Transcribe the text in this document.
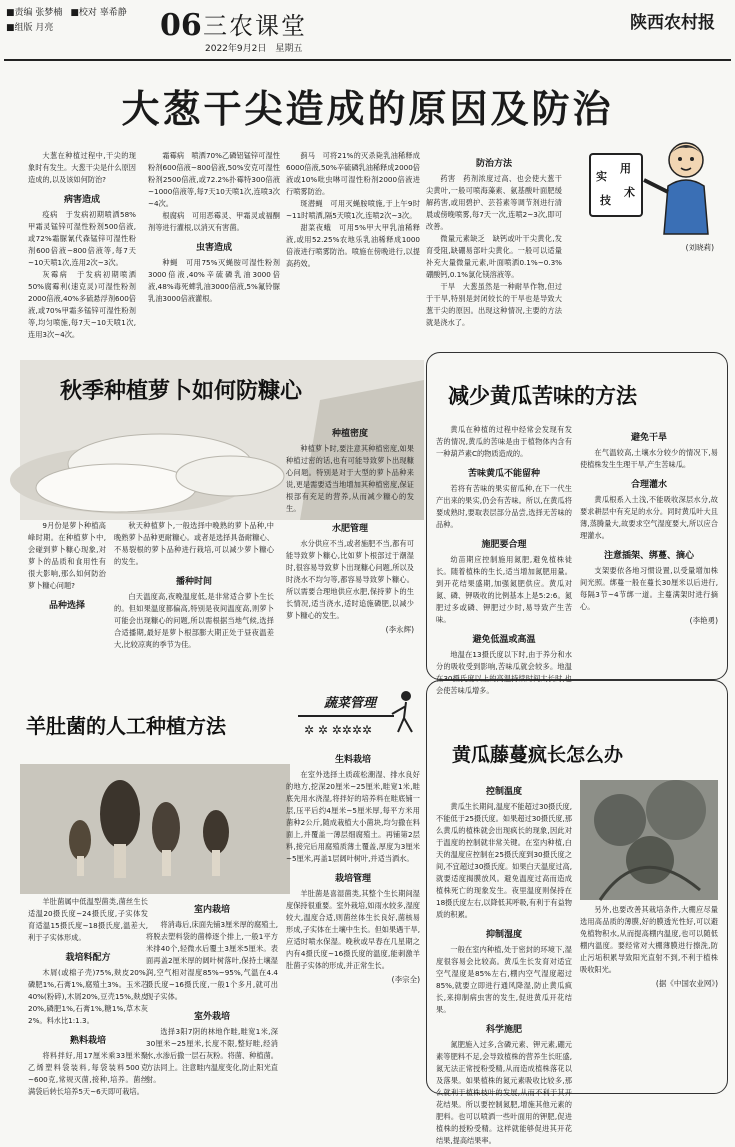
■责编 张梦楠 ■校对 辜希静
■组版 月亮	06 三农课堂
2022年9月2日　星期五
陕西农村报
大葱干尖造成的原因及防治

大葱在种植过程中,干尖的现象时有发生。大葱干尖是什么原因造成的,以及该如何防治?

病害造成

疫病　于发病初期喷洒58%甲霜灵锰锌可湿性粉剂500倍液,或72%霜脲氰代森锰锌可湿性粉剂600倍液~800倍液等,每7天~10天喷1次,连用2次~3次。

灰霉病　于发病初期喷洒50%腐霉利(速克灵)可湿性粉剂2000倍液,40%多硫悬浮剂600倍液,或70%甲霜多锰锌可湿性粉剂等,均匀喷施,每7天~10天喷1次,连用3次~4次。

霜霉病　喷洒70%乙磷铝锰锌可湿性粉剂600倍液~800倍液,50%安克可湿性粉剂2500倍液,或72.2%扑霉特300倍液~1000倍液等,每7天10天喷1次,连喷3次~4次。

根腐病　可用恶霉灵、甲霜灵或福酮剂等进行灌根,以消灭有害菌。

虫害造成

种蝇　可用75%灭蝇胺可湿性粉剂3000倍液,40%辛硫磷乳油3000倍液,48%毒死蜱乳油3000倍液,5%氟铃脲乳油3000倍液灌根。

蓟马　可将21%的灭杀毙乳油稀释成6000倍液,50%辛硫磷乳油稀释成2000倍液或10%吡虫啉可湿性粉剂2000倍液进行喷雾防治。

斑潜蝇　可用灭蝇胺喷施,于上午9时~11时喷洒,隔5天喷1次,连喷2次~3次。

甜菜夜蛾　可用5%甲大甲乳油稀释液,或用52.25%农地乐乳油稀释成1000倍液进行喷雾防治。喷施在傍晚进行,以提高药效。

防治方法

药害　药剂浓度过高、也会使大葱干尖黄叶,一般可喷海藻素、氨基酸叶面肥缓解药害,或用碧护、芸苔素等调节剂进行清晨或傍晚喷雾,每7天一次,连喷2~3次,即可改善。

微量元素缺乏　缺钙或叶干尖黄化,发育受阻,缺硼易部叶尖黄化。一般可以适量补充大量微量元素,叶面喷洒0.1%~0.3%硼酸钙,0.1%氯化镁溶液等。

干旱　大葱虽然是一种耐旱作物,但过于干旱,特别是封闭较长的干旱也是导致大葱干尖的原因。出现这种情况,主要的方法就是浇水了。

实
用
技
术
(刘晓莉)
秋季种植萝卜如何防糠心

9月份是萝卜种植高峰时期。在种植萝卜中,会碰到萝卜糠心现象,对萝卜的品质和食用性有很大影响,那么如何防治萝卜糠心问题?

品种选择

秋天种植萝卜,一般选择中晚熟的萝卜品种,中晚熟萝卜品种更耐糠心。或者是选择具备耐糠心、不易裂根的萝卜品种进行栽培,可以减少萝卜糠心的发生。

播种时间

白天温度高,夜晚温度低,是非常适合萝卜生长的。但如果温度都偏高,特别是夜间温度高,则萝卜可能会出现糠心的问题,所以需根据当地气候,选择合适播期,最好是萝卜根部膨大期正处于昼夜温差大,比较凉爽的季节为佳。

种植密度

种植萝卜时,要注意其种植密度,如果种植过密的话,也有可能导致萝卜出现糠心问题。特别是对于大型的萝卜品种来说,更是需要适当地增加其种植密度,保证根部有充足的营养,从而减少糠心的发生。

水肥管理

水分供应不当,或者施肥不当,都有可能导致萝卜糠心,比如萝卜根部过于潮湿时,很容易导致萝卜出现糠心问题,所以及时浇水不均匀等,都容易导致萝卜糠心。所以需要合理地供应水肥,保持萝卜的生长情况,适当浇水,适时追施磷肥,以减少萝卜糠心的发生。

(李永辉)
减少黄瓜苦味的方法

黄瓜在种植的过程中经常会发现有发苦的情况,黄瓜的苦味是由于植物体内含有一种葫芦素C的物质造成的。

苦味黄瓜不能留种

若将有苦味的果实留瓜种,在下一代生产出来的果实,仍会有苦味。所以,在黄瓜将要成熟时,要取表层部分品尝,选择无苦味的品种。

施肥要合理

幼苗期应控制施用氮肥,避免植株徒长。随着植株的生长,适当增加氮肥用量。到开花结果盛期,加强氮肥供应。黄瓜对氮、磷、钾吸收的比例基本上是5:2:6。氮肥过多或磷、钾肥过少时,易导致产生苦味。

避免低温或高温

地温在13摄氏度以下时,由于养分和水分的吸收受到影响,苦味瓜就会较多。地温在30摄氏度以上的高温持续时间太长时,也会使苦味瓜增多。

避免干旱

在气温较高,土壤水分较少的情况下,易使植株发生生理干旱,产生苦味瓜。

合理灌水

黄瓜根系入土浅,不能吸收深层水分,故要求耕层中有充足的水分。同时黄瓜叶大且薄,蒸腾量大,故要求空气湿度要大,所以应合理灌水。

注意插架、绑蔓、摘心

支架要依各地习惯设置,以受量增加株间光照。绑蔓一般在蔓长30厘米以后进行,每隔3节~4节绑一道。主蔓满架时进行摘心。

(李艳勇)
蔬菜管理
✲ ✲ ✲✲✲✲
羊肚菌的人工种植方法

羊肚菌属中低温型菌类,菌丝生长适温20摄氏度~24摄氏度,子实体发育适温15摄氏度~18摄氏度,温差大,利于子实体形成。

栽培料配方

木屑(或棉子壳)75%,麸皮20%,磷肥1%,石膏1%,腐殖土3%。玉米芯40%(粉碎),木屑20%,豆壳15%,麸皮20%,磷肥1%,石膏1%,糖1%,草木灰2%。料水比1:1.3。

熟料栽培

将料拌好,用17厘米乘33厘米聚乙烯塑料袋装料,每袋装料500克~600克,常规灭菌,接种,培养。菌丝满袋后转长培养5天~6天即可栽培。

室内栽培

将消毒后,床面先铺3厘米厚的腐殖土,将脱去塑料袋的菌棒逐个排上,一般1平方米排40个,轻微水后覆土3厘米5厘米。表面再盖2厘米厚的阔叶树落叶,保持土壤湿润,空气相对湿度85%~95%,气温在4.4摄氏度~16摄氏度,一般1个多月,就可出现子实体。

室外栽培

选择3阳7阴的林地作畦,畦宽1米,深30厘米~25厘米,长度不限,整好畦,经消水,水渗后撒一层石灰粉。将菌、种植菌。方法同上。注意畦内温度变化,防止阳光直射。

生料栽培

在室外选择土质疏松潮湿、排水良好的地方,挖深20厘米~25厘米,畦宽1米,畦底先用水浇湿,将拌好的培养料在畦底铺一层,压平后约4厘米~5厘米厚,每平方米用菌种2公斤,随成栽植大小菌块,均匀撒在料面上,并覆盖一薄层细腐殖土。再铺第2层料,接完后用腐殖质薄土覆盖,厚度为3厘米~5厘米,再盖1层阔叶树叶,并适当洒水。

栽培管理

羊肚菌是喜湿菌类,其整个生长期间湿度保持很重要。室外栽培,如雨水较多,湿度较大,温度合适,则菌丝体生长良好,菌核易形成,子实体在土壤中生长。但如果遇干旱,应适时喷水保湿。晚秋或早春在几星期之内有4摄氏度~16摄氏度的温度,能刺激羊肚菌子实体的形成,并正常生长。

(李宗全)
黄瓜藤蔓疯长怎么办
控制温度

黄瓜生长期间,温度不能超过30摄氏度,不能低于25摄氏度。如果超过30摄氏度,那么黄瓜的植株就会出现疯长的现象,因此对于温度的控制就非常关键。在室内种植,白天的温度应控制在25摄氏度到30摄氏度之间,不宜超过30摄氏度。如果白天温度过高,就要适度揭膜放风。避免温度过高而造成植株死亡的现象发生。夜里温度则保持在18摄氏度左右,以降低其呼吸,有利于有益物质的积累。

抑制湿度

一般在室内种植,处于密封的环境下,湿度很容易会比较高。黄瓜生长发育对适宜空气湿度是85%左右,棚内空气湿度超过85%,就要立即进行通风降湿,防止黄瓜疯长,来抑制病虫害的发生,促进黄瓜开花结果。

科学施肥

氮肥施入过多,含磷元素、钾元素,硼元素等肥料不足,会导致植株的营养生长旺盛,氮无法正常授粉受精,从而造成植株落花以及落果。如果植株的氮元素吸收比较多,那么就利于植株枝叶的发展,从而不利于其开花结果。所以要控制氮肥,增施其他元素的肥料。也可以喷洒一些叶面用的钾肥,促进植株的授粉受精。这样就能够促进其开花结果,提高结果率。

另外,也要改善其栽培条件,大棚应尽量选用高品质的薄膜,好的膜透光性好,可以避免植物积水,从而提高棚内温度,也可以随低棚内温度。要经常对大棚薄膜进行擦洗,防止污垢积累导致阳光直射不到,不利于植株吸收阳光。

(据《中国农业网》)
